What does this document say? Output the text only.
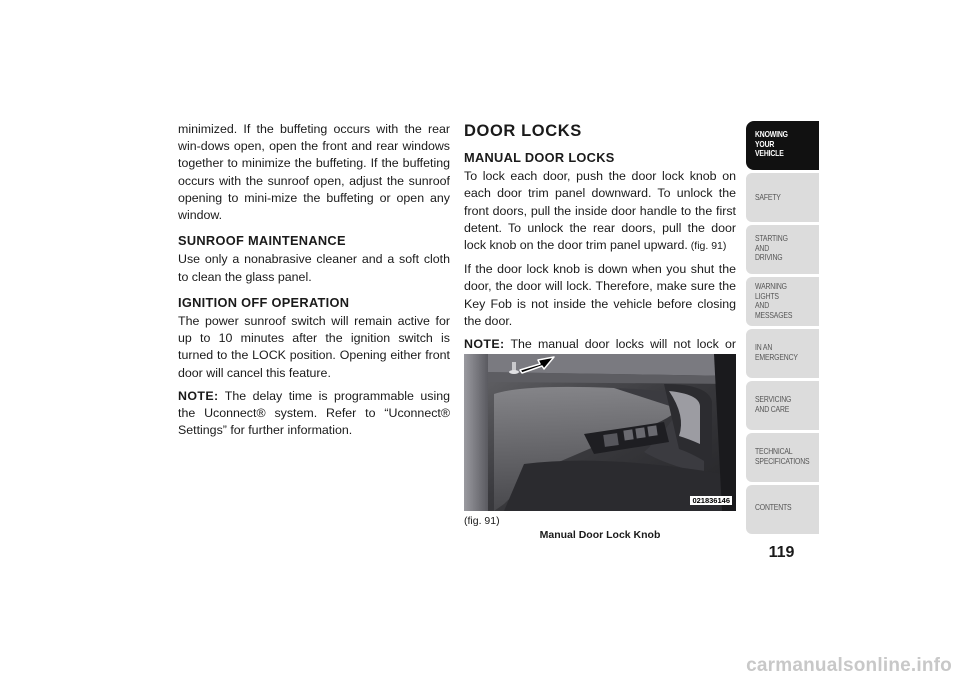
minimized. If the buffeting occurs with the rear win-dows open, open the front and rear windows together to minimize the buffeting. If the buffeting occurs with the sunroof open, adjust the sunroof opening to mini-mize the buffeting or open any window.

SUNROOF MAINTENANCE

Use only a nonabrasive cleaner and a soft cloth to clean the glass panel.

IGNITION OFF OPERATION

The power sunroof switch will remain active for up to 10 minutes after the ignition switch is turned to the LOCK position. Opening either front door will cancel this feature.

NOTE: The delay time is programmable using the Uconnect® system. Refer to “Uconnect® Settings” for further information.

DOOR LOCKS
MANUAL DOOR LOCKS

To lock each door, push the door lock knob on each door trim panel downward. To unlock the front doors, pull the inside door handle to the first detent. To unlock the rear doors, pull the door lock knob on the door trim panel upward. (fig. 91)

If the door lock knob is down when you shut the door, the door will lock. Therefore, make sure the Key Fob is not inside the vehicle before closing the door.

NOTE: The manual door locks will not lock or

021836146
(fig. 91)
Manual Door Lock Knob
KNOWING
YOUR
VEHICLE
SAFETY
STARTING
AND
DRIVING
WARNING
LIGHTS
AND
MESSAGES
IN AN
EMERGENCY
SERVICING
AND CARE
TECHNICAL
SPECIFICATIONS
CONTENTS
119
carmanualsonline.info
